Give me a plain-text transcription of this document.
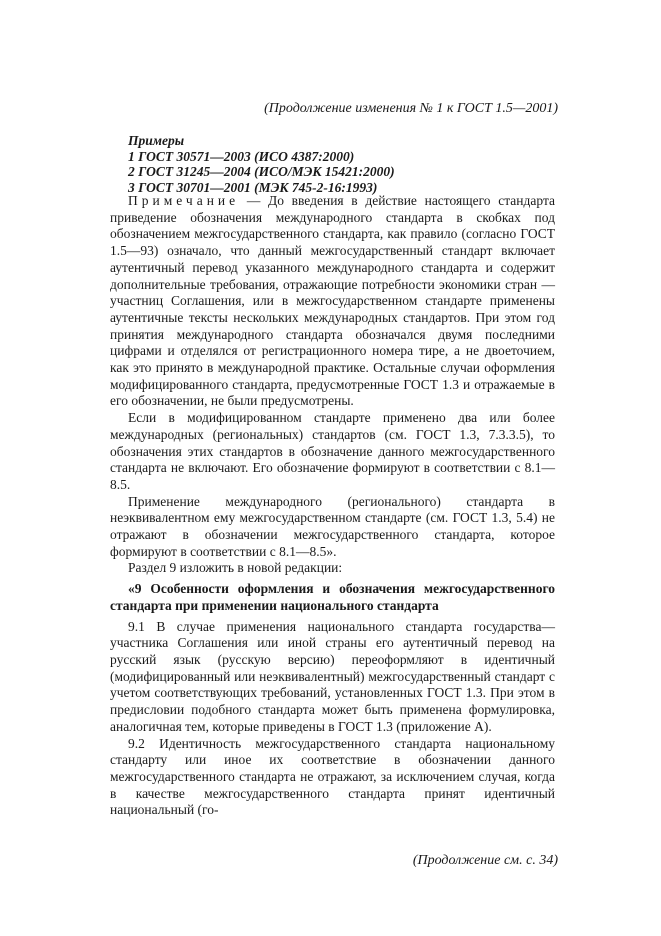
(Продолжение изменения № 1 к ГОСТ 1.5—2001)
Примеры
1 ГОСТ 30571—2003 (ИСО 4387:2000)
2 ГОСТ 31245—2004 (ИСО/МЭК 15421:2000)
3 ГОСТ 30701—2001 (МЭК 745-2-16:1993)

Примечание — До введения в действие настоящего стандарта приведение обозначения международного стандарта в скобках под обозначением межгосударственного стандарта, как правило (согласно ГОСТ 1.5—93) означало, что данный межгосударственный стандарт включает аутентичный перевод указанного международного стандарта и содержит дополнительные требования, отражающие потребности экономики стран — участниц Соглашения, или в межгосударственном стандарте применены аутентичные тексты нескольких международных стандартов. При этом год принятия международного стандарта обозначался двумя последними цифрами и отделялся от регистрационного номера тире, а не двоеточием, как это принято в международной практике. Остальные случаи оформления модифицированного стандарта, предусмотренные ГОСТ 1.3 и отражаемые в его обозначении, не были предусмотрены.

Если в модифицированном стандарте применено два или более международных (региональных) стандартов (см. ГОСТ 1.3, 7.3.3.5), то обозначения этих стандартов в обозначение данного межгосударственного стандарта не включают. Его обозначение формируют в соответствии с 8.1—8.5.

Применение международного (регионального) стандарта в неэквивалентном ему межгосударственном стандарте (см. ГОСТ 1.3, 5.4) не отражают в обозначении межгосударственного стандарта, которое формируют в соответствии с 8.1—8.5».

Раздел 9 изложить в новой редакции:

«9 Особенности оформления и обозначения межгосударственного стандарта при применении национального стандарта

9.1 В случае применения национального стандарта государства—участника Соглашения или иной страны его аутентичный перевод на русский язык (русскую версию) переоформляют в идентичный (модифицированный или неэквивалентный) межгосударственный стандарт с учетом соответствующих требований, установленных ГОСТ 1.3. При этом в предисловии подобного стандарта может быть применена формулировка, аналогичная тем, которые приведены в ГОСТ 1.3 (приложение А).

9.2 Идентичность межгосударственного стандарта национальному стандарту или иное их соответствие в обозначении данного межгосударственного стандарта не отражают, за исключением случая, когда в качестве межгосударственного стандарта принят идентичный национальный (го-

(Продолжение см. с. 34)
